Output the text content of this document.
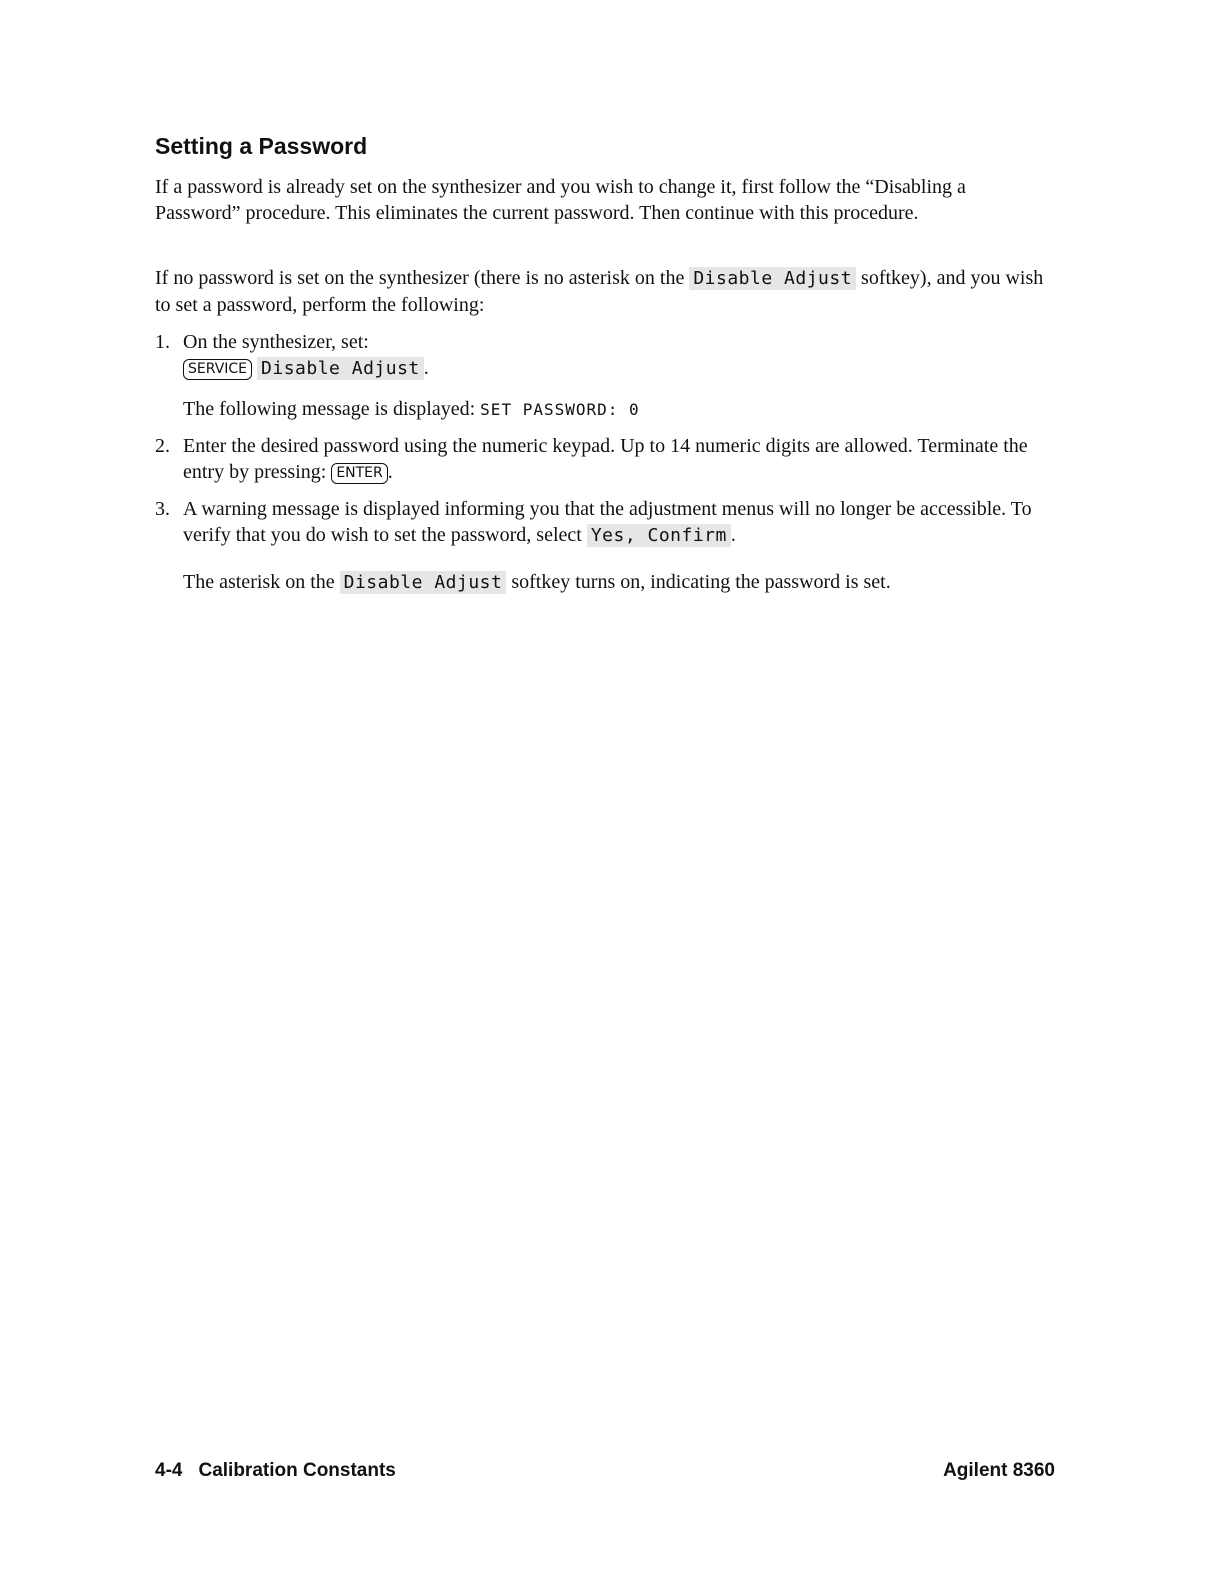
Setting a Password

If a password is already set on the synthesizer and you wish to change it, first follow the “Disabling a Password” procedure. This eliminates the current password. Then continue with this procedure.

If no password is set on the synthesizer (there is no asterisk on the Disable Adjust softkey), and you wish to set a password, perform the following:

1. On the synthesizer, set:
SERVICE Disable Adjust .

The following message is displayed: SET PASSWORD: 0

2. Enter the desired password using the numeric keypad. Up to 14 numeric digits are allowed. Terminate the entry by pressing: ENTER .
3. A warning message is displayed informing you that the adjustment menus will no longer be accessible. To verify that you do wish to set the password, select Yes, Confirm .

The asterisk on the Disable Adjust softkey turns on, indicating the password is set.

4-4 Calibration Constants	Agilent 8360
